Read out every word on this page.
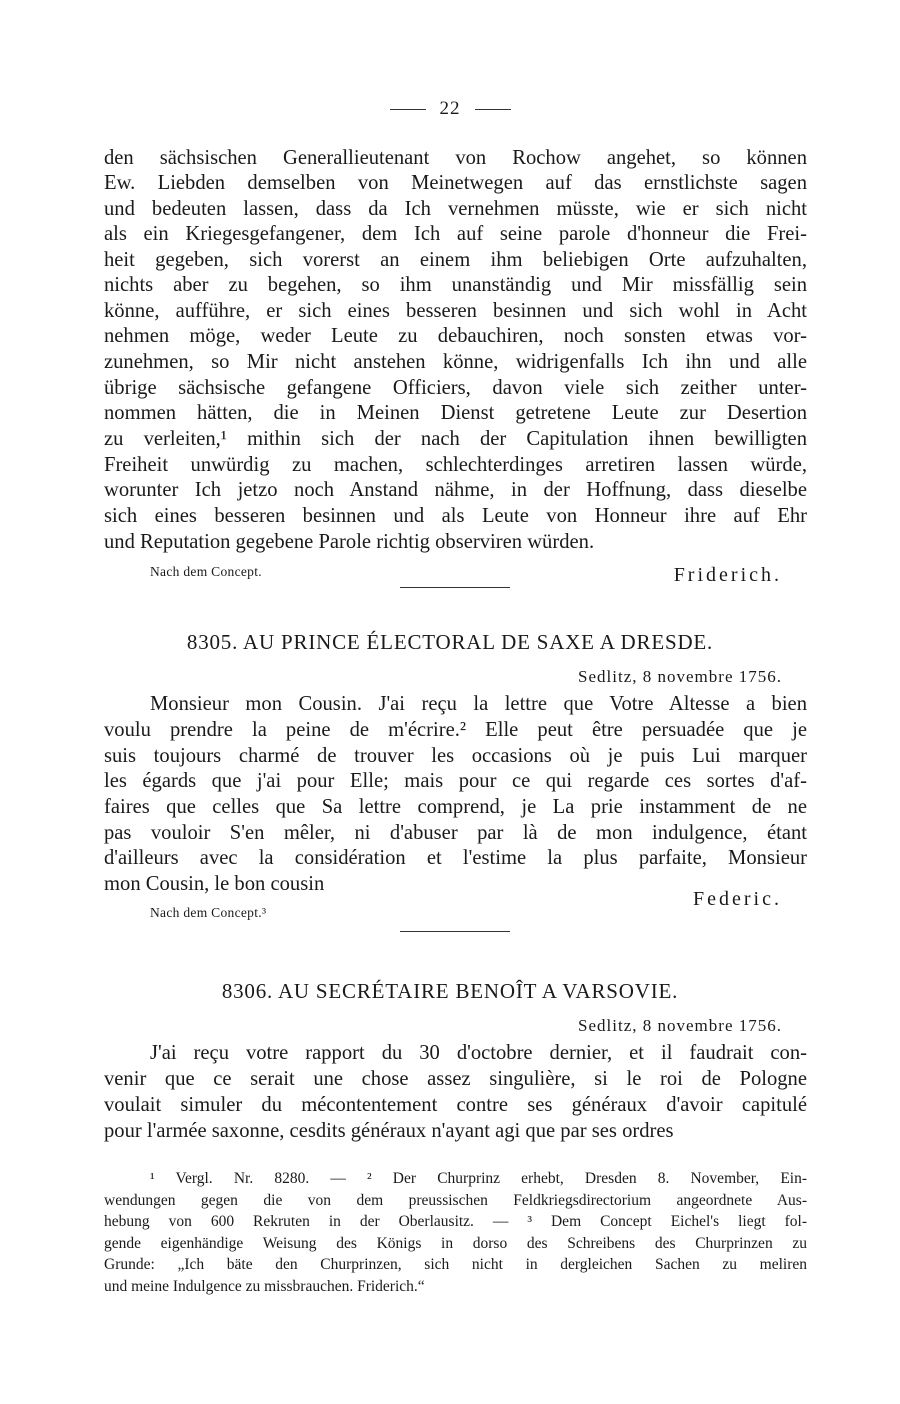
22
den sächsischen Generallieutenant von Rochow angehet, so können
Ew. Liebden demselben von Meinetwegen auf das ernstlichste sagen
und bedeuten lassen, dass da Ich vernehmen müsste, wie er sich nicht
als ein Kriegesgefangener, dem Ich auf seine parole d'honneur die Frei-
heit gegeben, sich vorerst an einem ihm beliebigen Orte aufzuhalten,
nichts aber zu begehen, so ihm unanständig und Mir missfällig sein
könne, aufführe, er sich eines besseren besinnen und sich wohl in Acht
nehmen möge, weder Leute zu debauchiren, noch sonsten etwas vor-
zunehmen, so Mir nicht anstehen könne, widrigenfalls Ich ihn und alle
übrige sächsische gefangene Officiers, davon viele sich zeither unter-
nommen hätten, die in Meinen Dienst getretene Leute zur Desertion
zu verleiten,¹ mithin sich der nach der Capitulation ihnen bewilligten
Freiheit unwürdig zu machen, schlechterdinges arretiren lassen würde,
worunter Ich jetzo noch Anstand nähme, in der Hoffnung, dass dieselbe
sich eines besseren besinnen und als Leute von Honneur ihre auf Ehr
und Reputation gegebene Parole richtig observiren würden.
Nach dem Concept.	Friderich.
8305. AU PRINCE ÉLECTORAL DE SAXE A DRESDE.
Sedlitz, 8 novembre 1756.
Monsieur mon Cousin. J'ai reçu la lettre que Votre Altesse a bien
voulu prendre la peine de m'écrire.² Elle peut être persuadée que je
suis toujours charmé de trouver les occasions où je puis Lui marquer
les égards que j'ai pour Elle; mais pour ce qui regarde ces sortes d'af-
faires que celles que Sa lettre comprend, je La prie instamment de ne
pas vouloir S'en mêler, ni d'abuser par là de mon indulgence, étant
d'ailleurs avec la considération et l'estime la plus parfaite, Monsieur
mon Cousin, le bon cousin
Federic.
Nach dem Concept.³
8306. AU SECRÉTAIRE BENOÎT A VARSOVIE.
Sedlitz, 8 novembre 1756.
J'ai reçu votre rapport du 30 d'octobre dernier, et il faudrait con-
venir que ce serait une chose assez singulière, si le roi de Pologne
voulait simuler du mécontentement contre ses généraux d'avoir capitulé
pour l'armée saxonne, cesdits généraux n'ayant agi que par ses ordres
¹ Vergl. Nr. 8280. — ² Der Churprinz erhebt, Dresden 8. November, Ein-
wendungen gegen die von dem preussischen Feldkriegsdirectorium angeordnete Aus-
hebung von 600 Rekruten in der Oberlausitz. — ³ Dem Concept Eichel's liegt fol-
gende eigenhändige Weisung des Königs in dorso des Schreibens des Churprinzen zu
Grunde: „Ich bäte den Churprinzen, sich nicht in dergleichen Sachen zu meliren
und meine Indulgence zu missbrauchen. Friderich.“
